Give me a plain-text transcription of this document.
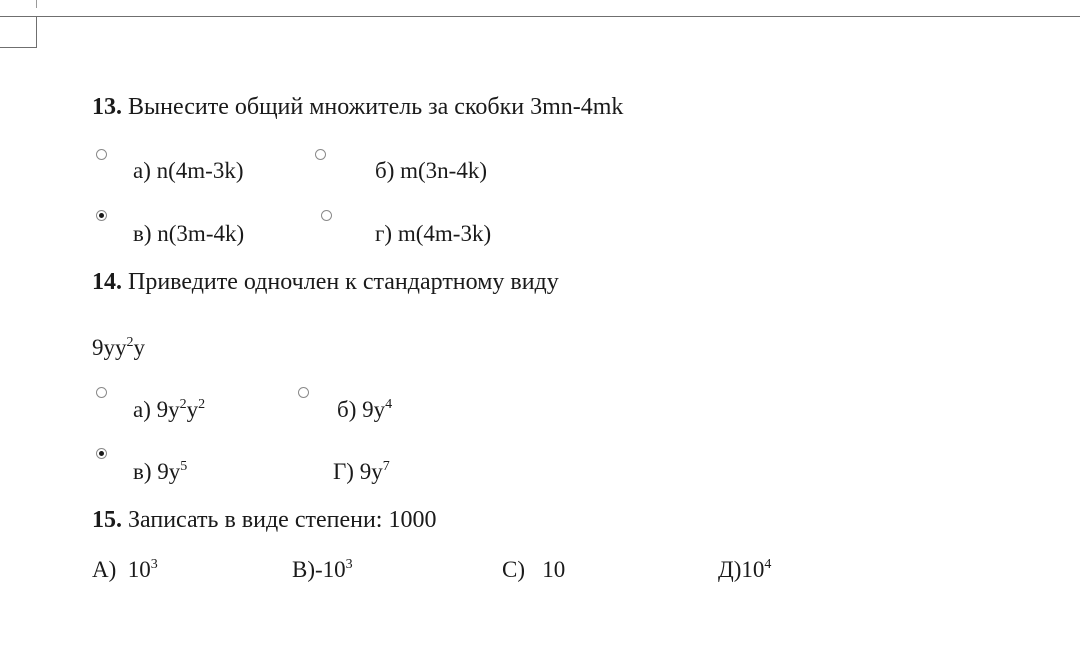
13. Вынесите общий множитель за скобки 3mn-4mk
а) n(4m-3k)	б) m(3n-4k)
в) n(3m-4k)	г) m(4m-3k)
14. Приведите одночлен к стандартному виду
$9yy^2y$
а) $9y^2y^2$	б) $9y^4$
в) $9y^5$	Г) $9y^7$
15. Записать в виде степени: 1000
А)  $10^3$	$В)-10^3$	С)   10	$Д)10^4$
